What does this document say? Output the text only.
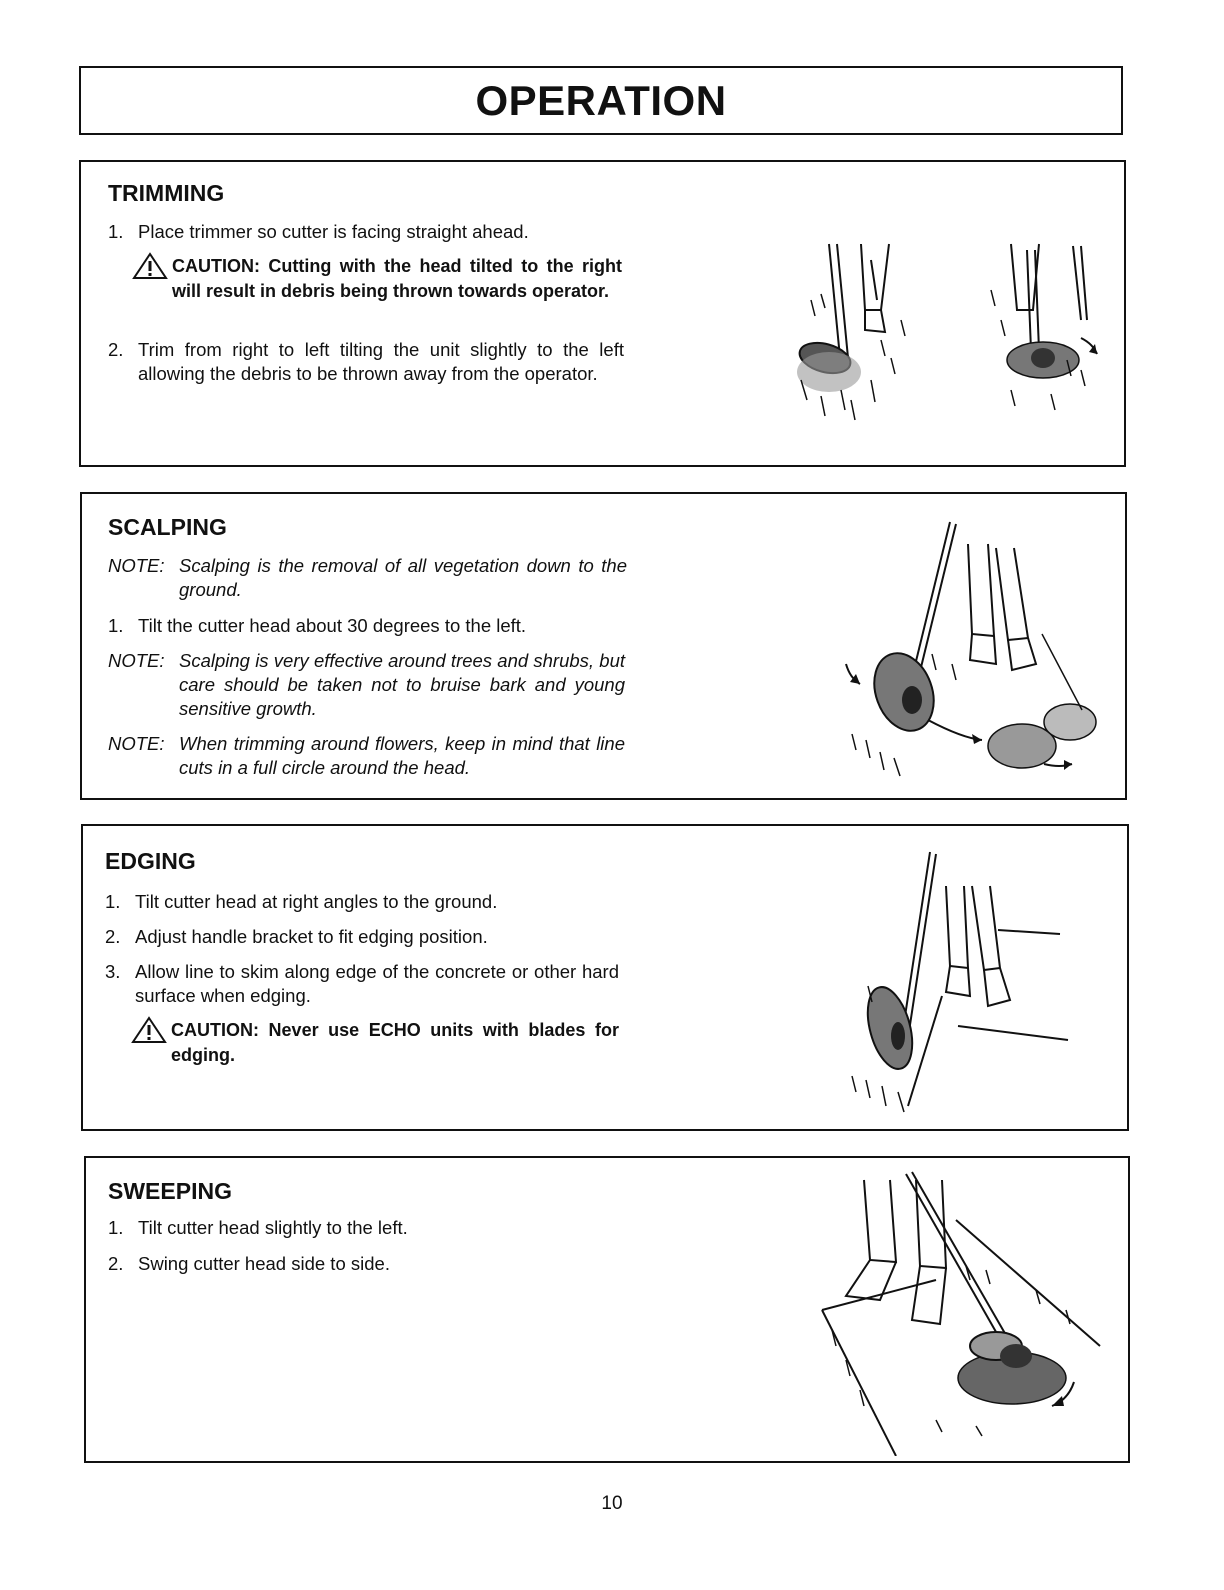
OPERATION
TRIMMING
1. Place trimmer so cutter is facing straight ahead.
CAUTION: Cutting with the head tilted to the right will result in debris being thrown towards operator.
2. Trim from right to left tilting the unit slightly to the left allowing the debris to be thrown away from the operator.
SCALPING
NOTE: Scalping is the removal of all vegetation down to the ground.
1. Tilt the cutter head about 30 degrees to the left.
NOTE: Scalping is very effective around trees and shrubs, but care should be taken not to bruise bark and young sensitive growth.
NOTE: When trimming around flowers, keep in mind that line cuts in a full circle around the head.
EDGING
1. Tilt cutter head at right angles to the ground.
2. Adjust handle bracket to fit edging position.
3. Allow line to skim along edge of the concrete or other hard surface when edging.
CAUTION: Never use ECHO units with blades for edging.
SWEEPING
1. Tilt cutter head slightly to the left.
2. Swing cutter head side to side.
10
